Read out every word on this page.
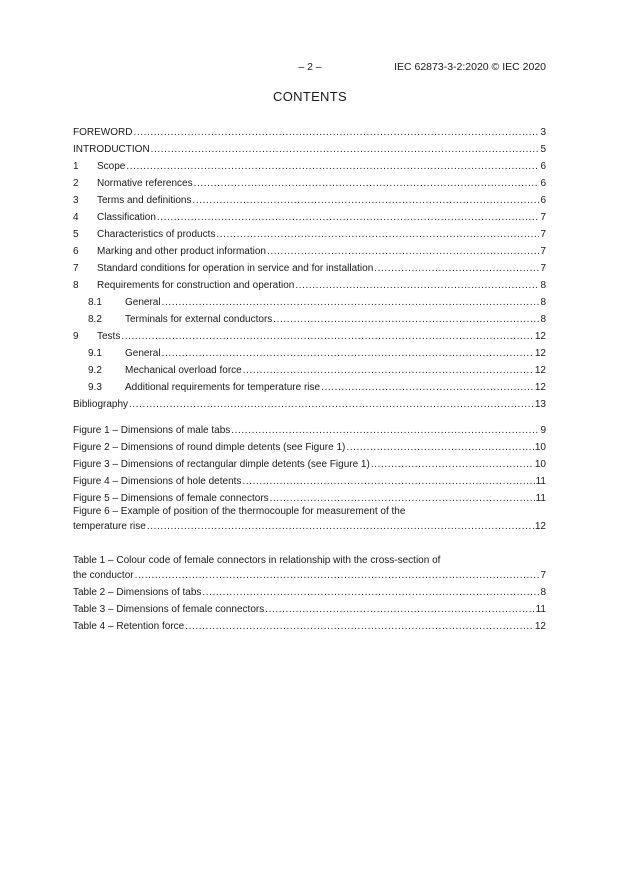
– 2 –	IEC 62873-3-2:2020 © IEC 2020
CONTENTS
FOREWORD .....	3
INTRODUCTION .....	5
1	Scope .....	6
2	Normative references .....	6
3	Terms and definitions .....	6
4	Classification .....	7
5	Characteristics of products .....	7
6	Marking and other product information .....	7
7	Standard conditions for operation in service and for installation .....	7
8	Requirements for construction and operation .....	8
8.1	General .....	8
8.2	Terminals for external conductors .....	8
9	Tests .....	12
9.1	General .....	12
9.2	Mechanical overload force .....	12
9.3	Additional requirements for temperature rise .....	12
Bibliography .....	13
Figure 1 – Dimensions of male tabs .....	9
Figure 2 – Dimensions of round dimple detents (see Figure 1) .....	10
Figure 3 – Dimensions of rectangular dimple detents (see Figure 1) .....	10
Figure 4 – Dimensions of hole detents .....	11
Figure 5 – Dimensions of female connectors .....	11
Figure 6 – Example of position of the thermocouple for measurement of the
temperature rise .....	12
Table 1 – Colour code of female connectors in relationship with the cross-section of
the conductor .....	7
Table 2 – Dimensions of tabs .....	8
Table 3 – Dimensions of female connectors .....	11
Table 4 – Retention force .....	12
